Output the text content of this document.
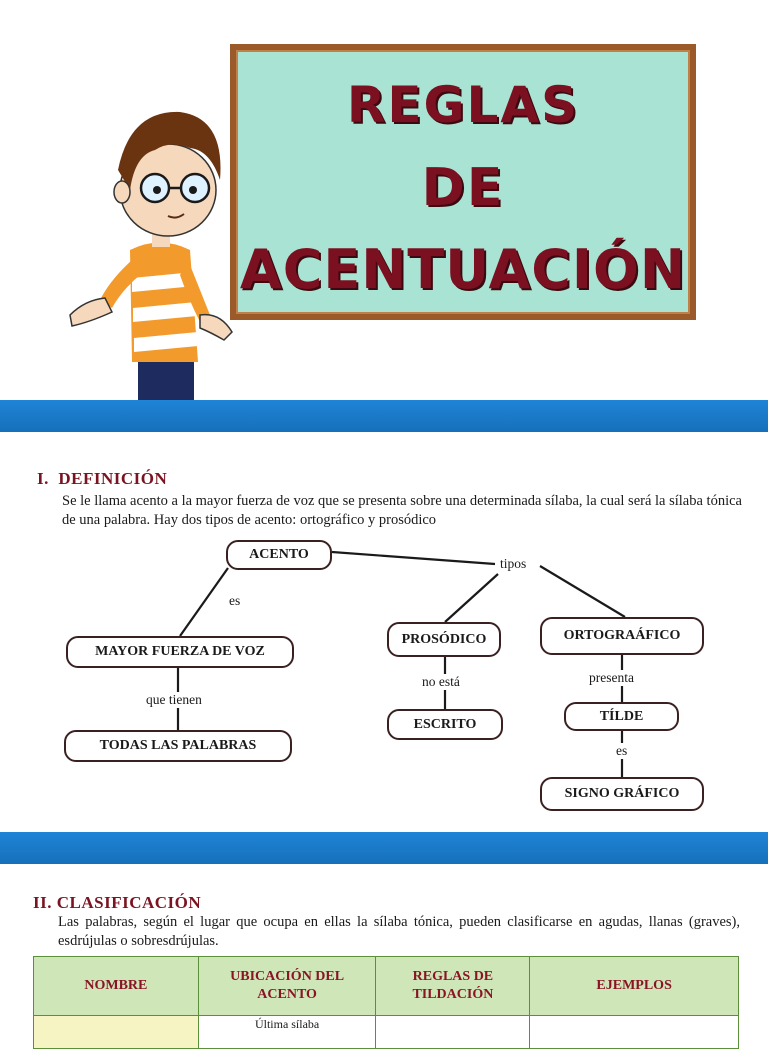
REGLAS
DE
ACENTUACIÓN
I.  DEFINICIÓN
Se le llama acento a la mayor fuerza de voz que se presenta sobre una determinada sílaba, la cual será la sílaba tónica de una palabra. Hay dos tipos de acento: ortográfico y prosódico
ACENTO
MAYOR FUERZA DE VOZ
TODAS LAS PALABRAS
PROSÓDICO
ESCRITO
ORTOGRAÁFICO
TÍLDE
SIGNO GRÁFICO
tipos
es
que tienen
no está	presenta
es
II. CLASIFICACIÓN
Las palabras, según el lugar que ocupa en ellas la sílaba tónica, pueden clasificarse en agudas, llanas (graves), esdrújulas o sobresdrújulas.
NOMBRE	UBICACIÓN DEL ACENTO	REGLAS DE TILDACIÓN	EJEMPLOS
	Última sílaba		
